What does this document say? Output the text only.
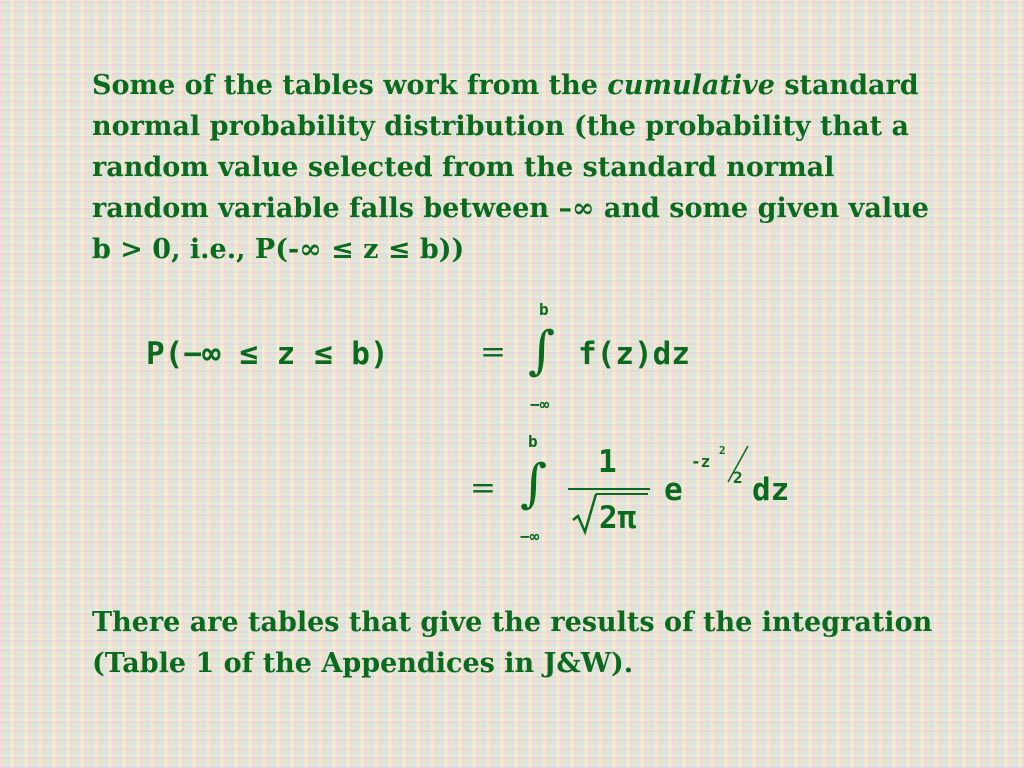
Some of the tables work from the cumulative standard normal probability distribution (the probability that a random value selected from the standard normal random variable falls between –∞ and some given value b > 0, i.e., P(-∞ ≤ z ≤ b))
P(−∞ ≤ z ≤ b)	=
b
∫
−∞
f(z)dz
=
b
∫
−∞
1
2π
e
-z
2
2 dz
There are tables that give the results of the integration (Table 1 of the Appendices in J&W).
